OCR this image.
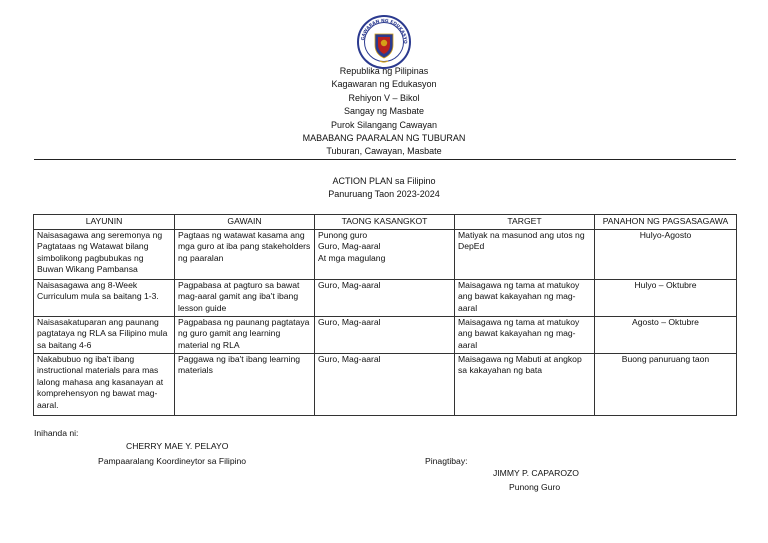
GAWARAN NG EDUKASYO
Republika ng Pilipinas
Kagawaran ng Edukasyon
Rehiyon V – Bikol
Sangay ng Masbate
Purok Silangang Cawayan
MABABANG PAARALAN NG TUBURAN
Tuburan, Cawayan, Masbate
ACTION PLAN sa Filipino
Panuruang Taon 2023-2024
LAYUNIN	GAWAIN	TAONG KASANGKOT	TARGET	PANAHON NG PAGSASAGAWA
Naisasagawa ang seremonya ng Pagtataas ng Watawat bilang simbolikong pagbubukas ng Buwan Wikang Pambansa	Pagtaas ng watawat kasama ang mga guro at iba pang stakeholders ng paaralan	Punong guro
Guro, Mag-aaral
At mga magulang	Matiyak na masunod ang utos ng DepEd	Hulyo-Agosto
Naisasagawa ang 8-Week Curriculum mula sa baitang 1-3.	Pagpabasa at pagturo sa bawat mag-aaral gamit ang iba't ibang lesson guide	Guro, Mag-aaral	Maisagawa ng tama at matukoy ang bawat kakayahan ng mag-aaral	Hulyo – Oktubre
Naisasakatuparan ang paunang pagtataya ng RLA sa Filipino mula sa baitang 4-6	Pagpabasa ng paunang pagtataya ng guro gamit ang learning material ng RLA	Guro, Mag-aaral	Maisagawa ng tama at matukoy ang bawat kakayahan ng mag-aaral	Agosto – Oktubre
Nakabubuo ng iba't ibang instructional materials para mas lalong mahasa ang kasanayan at komprehensyon ng bawat mag-aaral.	Paggawa ng iba't ibang learning materials	Guro, Mag-aaral	Maisagawa ng Mabuti at angkop sa kakayahan ng bata	Buong panuruang taon
Inihanda ni:
CHERRY MAE Y. PELAYO
Pampaaralang Koordineytor sa Filipino	Pinagtibay:
JIMMY P. CAPAROZO
Punong Guro
